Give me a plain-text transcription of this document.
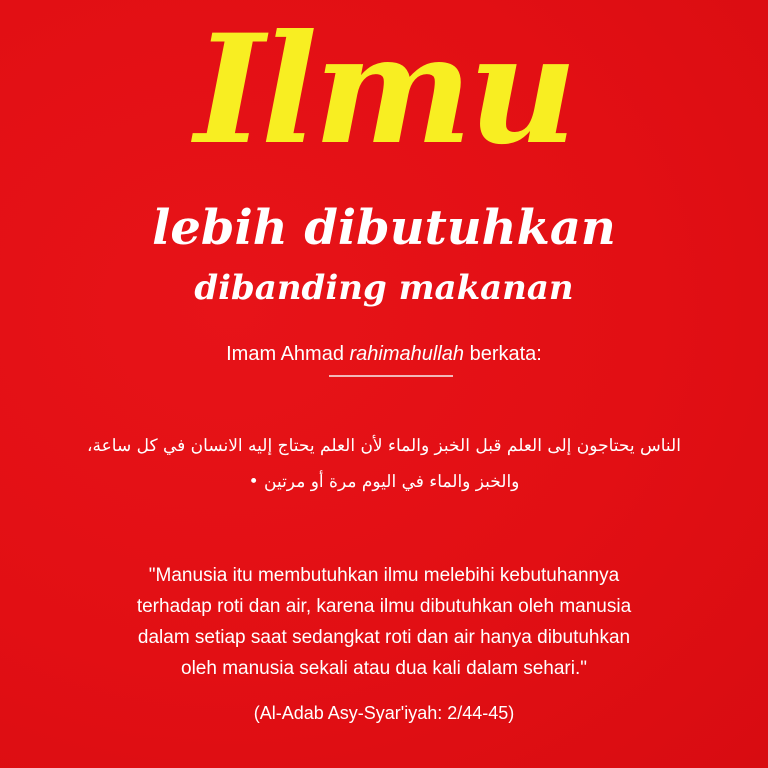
Ilmu
lebih dibutuhkan
dibanding makanan
Imam Ahmad rahimahullah berkata:

الناس يحتاجون إلى العلم قبل الخبز والماء لأن العلم يحتاج إليه الانسان في كل ساعة،

والخبز والماء في اليوم مرة أو مرتين •

"Manusia itu membutuhkan ilmu melebihi kebutuhannya

terhadap roti dan air, karena ilmu dibutuhkan oleh manusia

dalam setiap saat sedangkat roti dan air hanya dibutuhkan

oleh manusia sekali atau dua kali dalam sehari."

(Al-Adab Asy-Syar'iyah: 2/44-45)
